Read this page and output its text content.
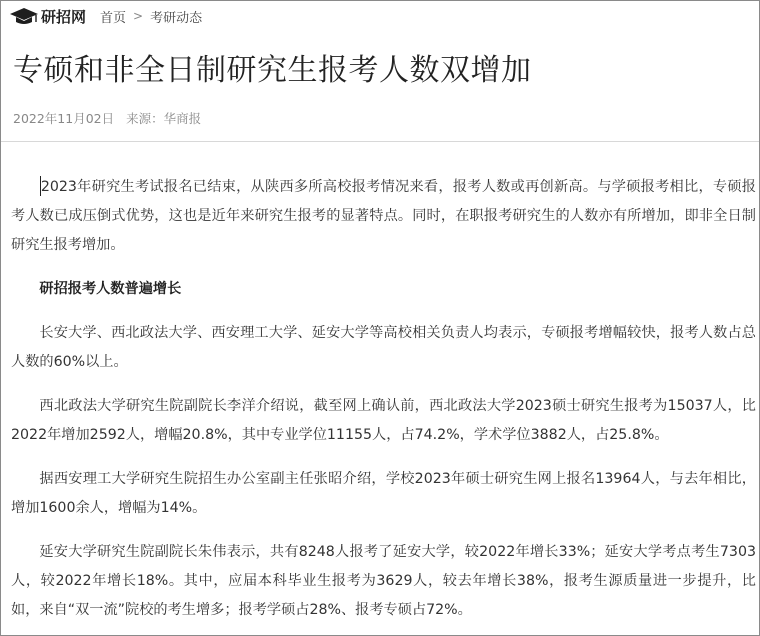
研招网 首页 > 考研动态
专硕和非全日制研究生报考人数双增加
2022年11月02日 来源：华商报

2023年研究生考试报名已结束，从陕西多所高校报考情况来看，报考人数或再创新高。与学硕报考相比，专硕报考人数已成压倒式优势，这也是近年来研究生报考的显著特点。同时，在职报考研究生的人数亦有所增加，即非全日制研究生报考增加。

研招报考人数普遍增长

长安大学、西北政法大学、西安理工大学、延安大学等高校相关负责人均表示，专硕报考增幅较快，报考人数占总人数的60%以上。

西北政法大学研究生院副院长李洋介绍说，截至网上确认前，西北政法大学2023硕士研究生报考为15037人，比2022年增加2592人，增幅20.8%，其中专业学位11155人，占74.2%，学术学位3882人，占25.8%。

据西安理工大学研究生院招生办公室副主任张昭介绍，学校2023年硕士研究生网上报名13964人，与去年相比，增加1600余人，增幅为14%。

延安大学研究生院副院长朱伟表示，共有8248人报考了延安大学，较2022年增长33%；延安大学考点考生7303人，较2022年增长18%。其中，应届本科毕业生报考为3629人，较去年增长38%，报考生源质量进一步提升，比如，来自“双一流”院校的考生增多；报考学硕占28%、报考专硕占72%。
